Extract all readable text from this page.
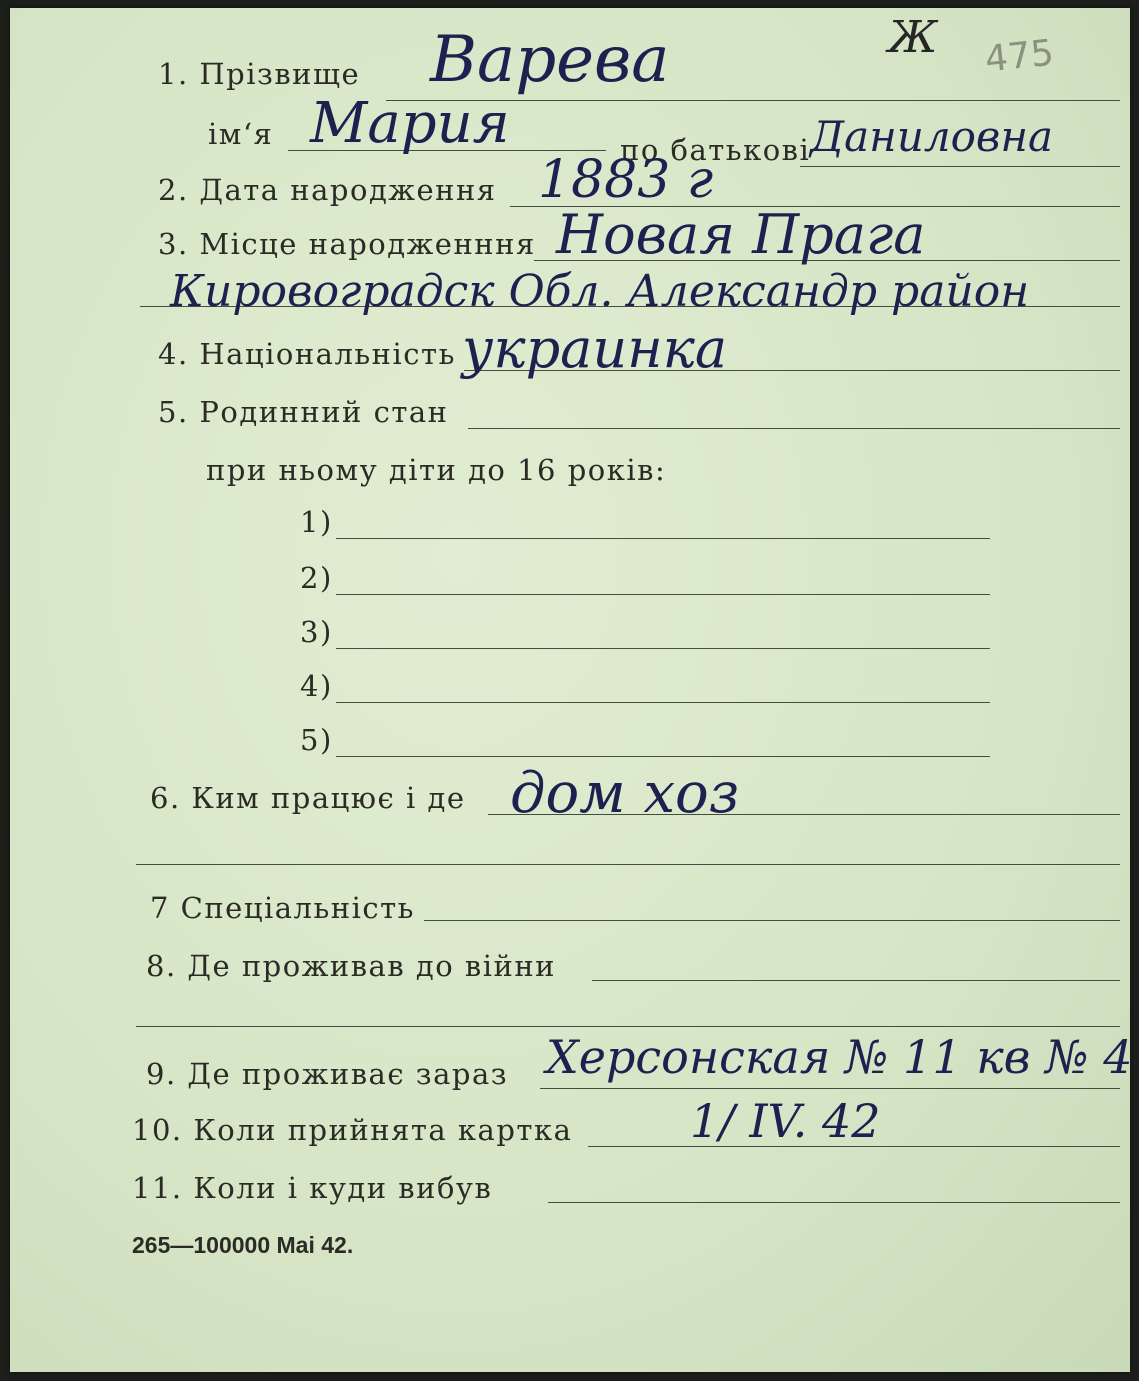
Ж 475
1. Прізвище Варева
ім‘я Мария	по батькові Даниловна
2. Дата народження 1883 г
3. Місце народженння Новая Прага
Кировоградск Обл. Александр район
4. Національність украинка
5. Родинний стан
при ньому діти до 16 років:
1)
2)
3)
4)
5)
6. Ким працює і де дом хоз
7 Спеціальність
8. Де проживав до війни
9. Де проживає зараз Херсонская № 11 кв № 4
10. Коли прийнята картка	1/ IV. 42
11. Коли і куди вибув
265—100000 Mai 42.
